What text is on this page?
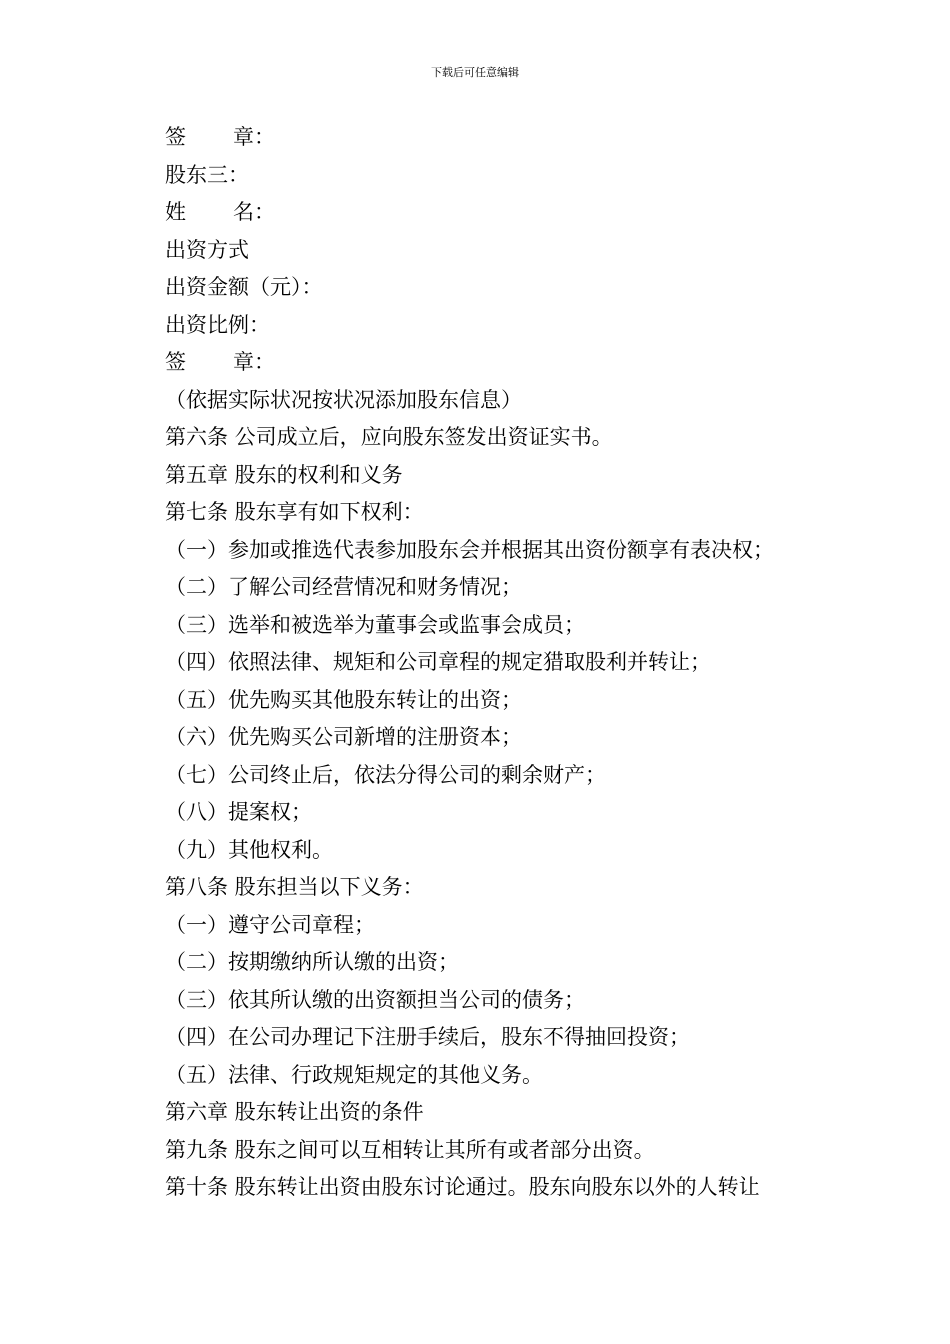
下载后可任意编辑
签 章：
股东三：
姓 名：
出资方式
出资金额（元）：
出资比例：
签 章：
（依据实际状况按状况添加股东信息）
第六条 公司成立后，应向股东签发出资证实书。
第五章 股东的权利和义务
第七条 股东享有如下权利：
（一）参加或推选代表参加股东会并根据其出资份额享有表决权；
（二）了解公司经营情况和财务情况；
（三）选举和被选举为董事会或监事会成员；
（四）依照法律、规矩和公司章程的规定猎取股利并转让；
（五）优先购买其他股东转让的出资；
（六）优先购买公司新增的注册资本；
（七）公司终止后，依法分得公司的剩余财产；
（八）提案权；
（九）其他权利。
第八条 股东担当以下义务：
（一）遵守公司章程；
（二）按期缴纳所认缴的出资；
（三）依其所认缴的出资额担当公司的债务；
（四）在公司办理记下注册手续后，股东不得抽回投资；
（五）法律、行政规矩规定的其他义务。
第六章 股东转让出资的条件
第九条 股东之间可以互相转让其所有或者部分出资。
第十条 股东转让出资由股东讨论通过。股东向股东以外的人转让
